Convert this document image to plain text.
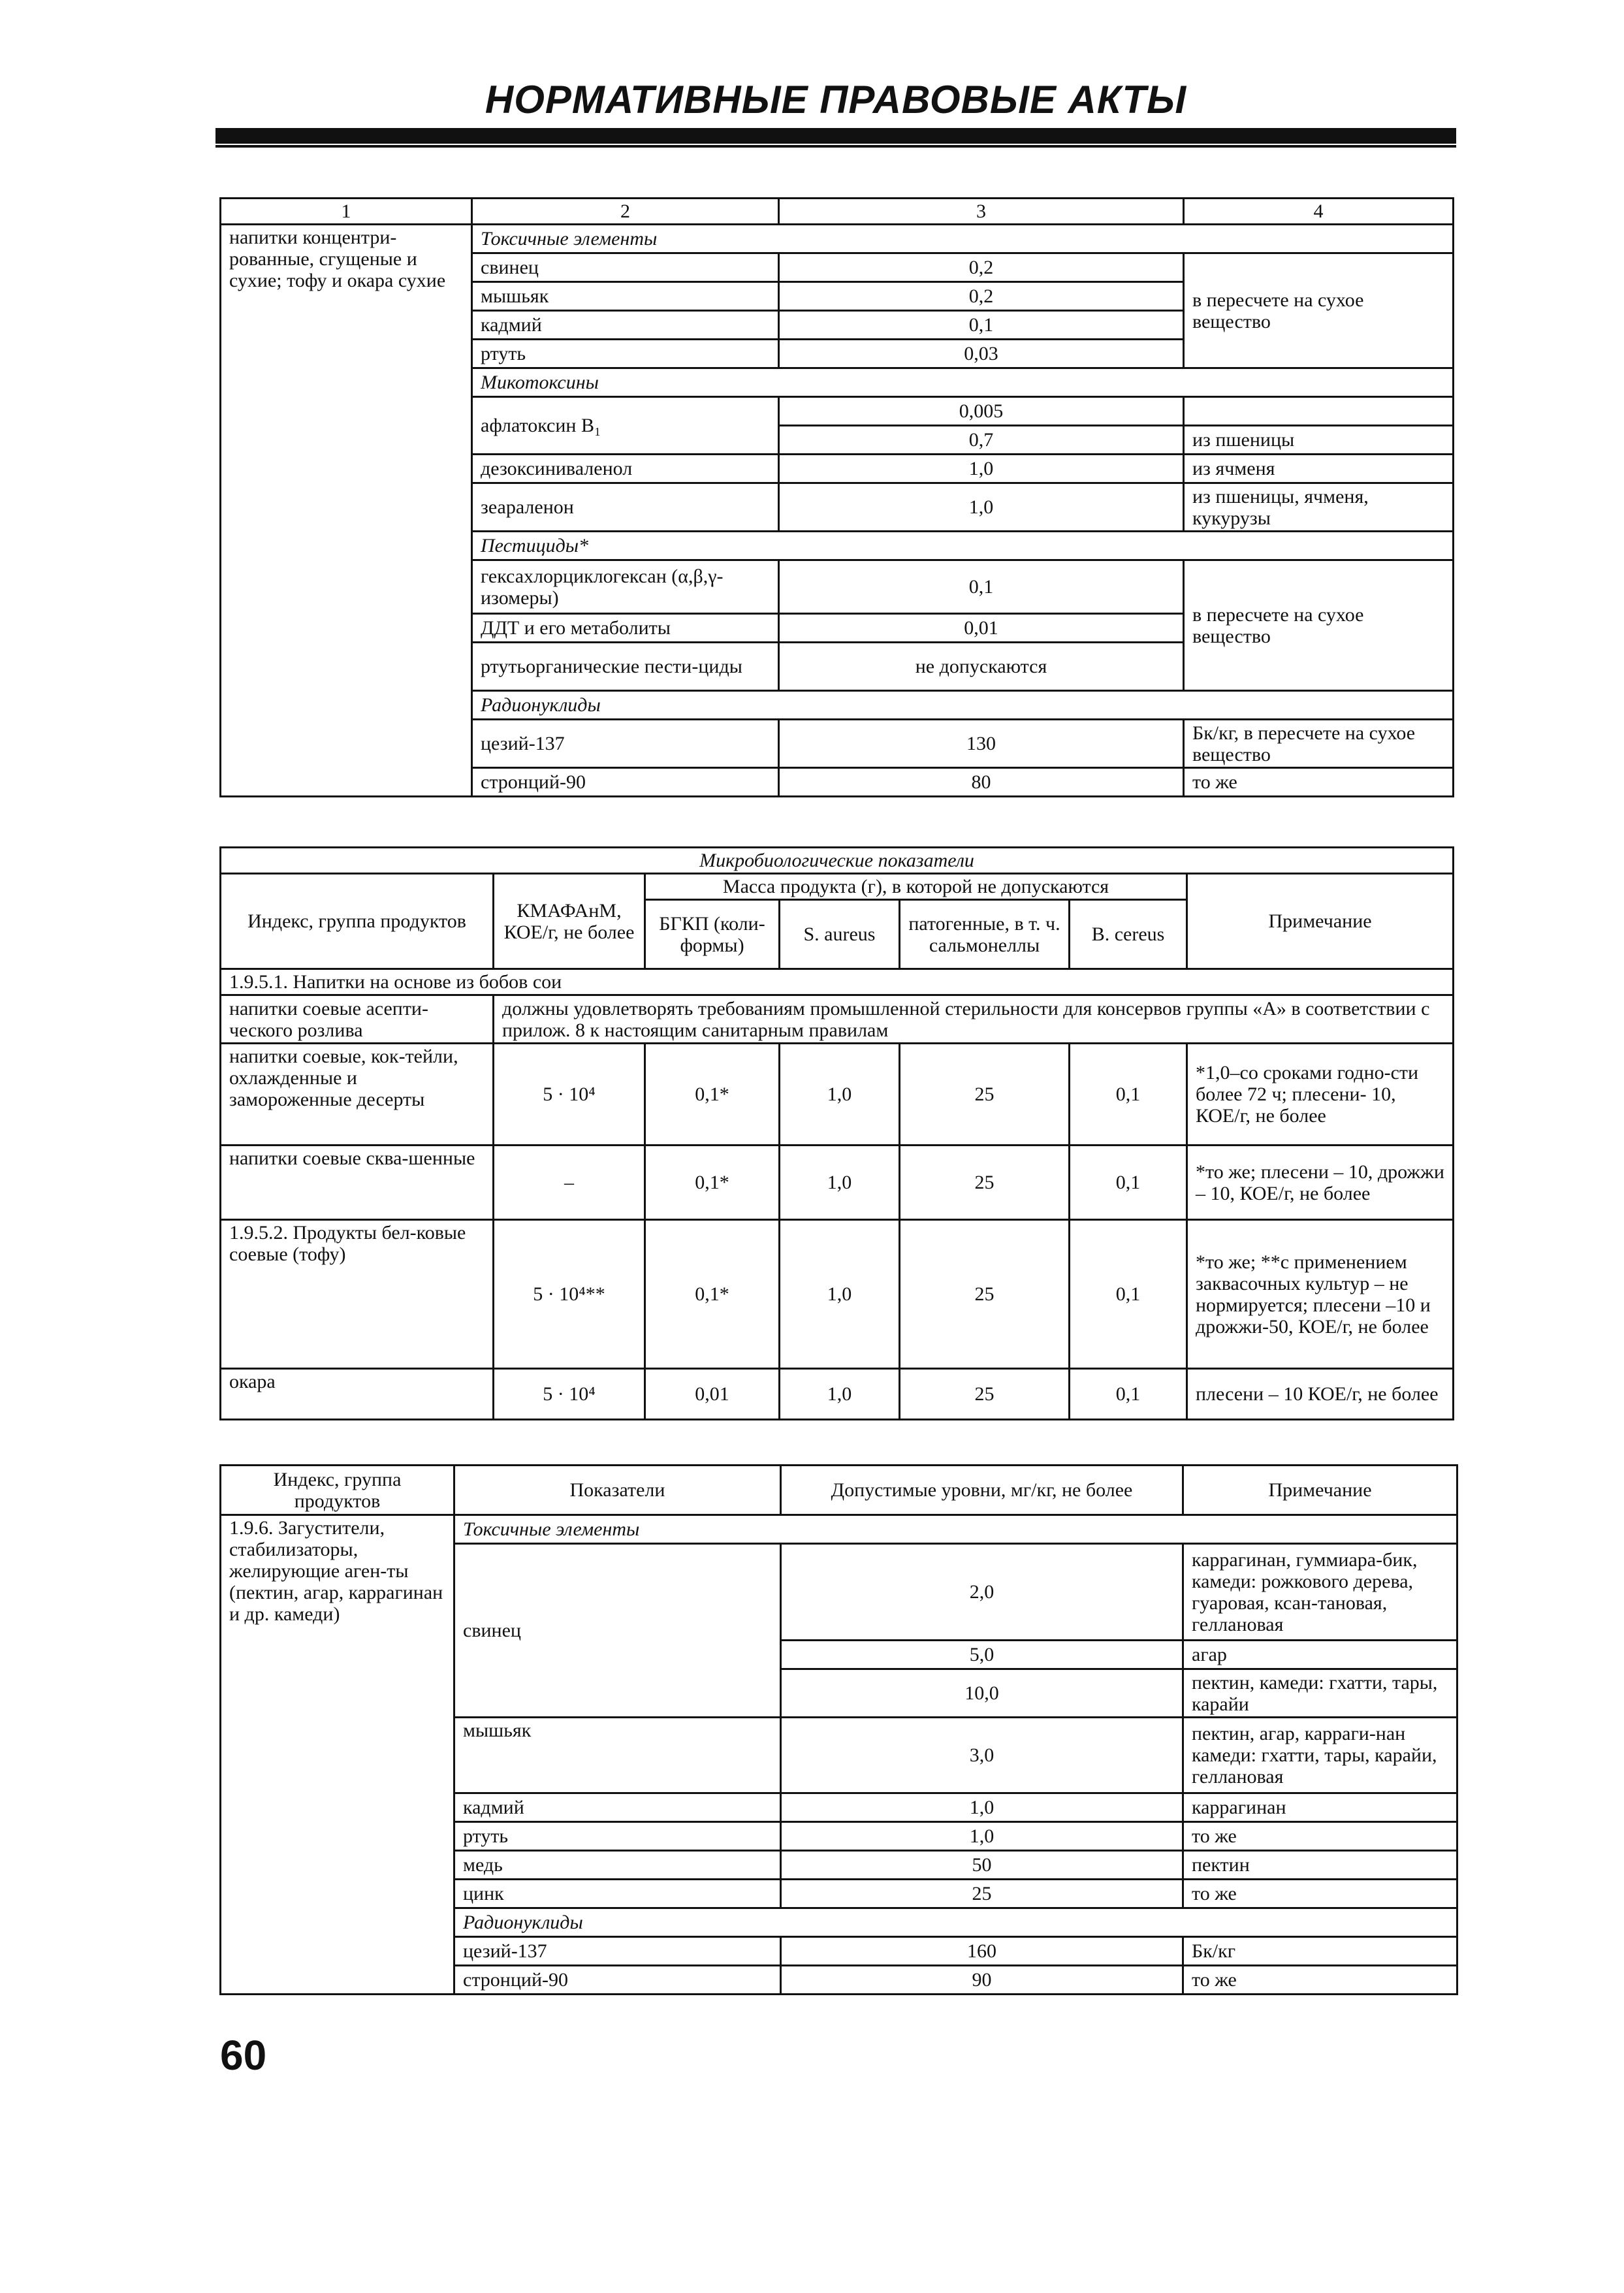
НОРМАТИВНЫЕ ПРАВОВЫЕ АКТЫ
1	2	3	4
напитки концентри-рованные, сгущеные и сухие; тофу и окара сухие	Токсичные элементы		
	свинец	0,2	в пересчете на сухое вещество
	мышьяк	0,2	
	кадмий	0,1	
	ртуть	0,03	
	Микотоксины		
	афлатоксин B₁	0,005	
		0,7	из пшеницы
	дезоксиниваленол	1,0	из ячменя
	зеараленон	1,0	из пшеницы, ячменя, кукурузы
	Пестициды*		
	гексахлорциклогексан (α,β,γ-изомеры)	0,1	в пересчете на сухое вещество
	ДДТ и его метаболиты	0,01	
	ртутьорганические пести-циды	не допускаются	
	Радионуклиды		
	цезий-137	130	Бк/кг, в пересчете на сухое вещество
	стронций-90	80	то же
Микробиологические показатели						
Индекс, группа продуктов	КМАФАнМ, КОЕ/г, не более	Масса продукта (г), в которой не допускаются				Примечание
		БГКП (коли-формы)	S. aureus	патогенные, в т. ч. сальмонеллы	B. cereus	
1.9.5.1. Напитки на основе из бобов сои						
напитки соевые асепти-ческого розлива	должны удовлетворять требованиям промышленной стерильности для консервов группы «А» в соответствии с прилож. 8 к настоящим санитарным правилам					
напитки соевые, кок-тейли, охлажденные и замороженные десерты	5 · 10⁴	0,1*	1,0	25	0,1	*1,0–со сроками годно-сти более 72 ч; плесени- 10, КОЕ/г, не более
напитки соевые сква-шенные	–	0,1*	1,0	25	0,1	*то же; плесени – 10, дрожжи – 10, КОЕ/г, не более
1.9.5.2. Продукты бел-ковые соевые (тофу)	5 · 10⁴**	0,1*	1,0	25	0,1	*то же; **с применением закваcочных культур – не нормируется; плесени –10 и дрожжи-50, КОЕ/г, не более
окара	5 · 10⁴	0,01	1,0	25	0,1	плесени – 10 КОЕ/г, не более
Индекс, группа продуктов	Показатели	Допустимые уровни, мг/кг, не более	Примечание
1.9.6. Загустители, стабилизаторы, желирующие аген-ты (пектин, агар, каррагинан и др. камеди)	Токсичные элементы		
	свинец	2,0	каррагинан, гуммиара-бик, камеди: рожкового дерева, гуаровая, ксан-тановая, геллановая
		5,0	агар
		10,0	пектин, камеди: гхатти, тары, карайи
	мышьяк	3,0	пектин, агар, карраги-нан камеди: гхатти, тары, карайи, геллановая
	кадмий	1,0	каррагинан
	ртуть	1,0	то же
	медь	50	пектин
	цинк	25	то же
	Радионуклиды		
	цезий-137	160	Бк/кг
	стронций-90	90	то же
60
